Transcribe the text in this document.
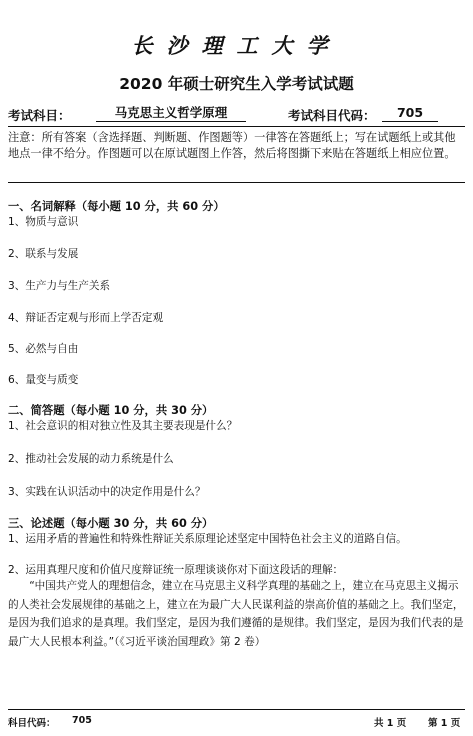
长沙理工大学
2020 年硕士研究生入学考试试题
考试科目：	马克思主义哲学原理	考试科目代码：	705
注意：所有答案（含选择题、判断题、作图题等）一律答在答题纸上；写在试题纸上或其他地点一律不给分。作图题可以在原试题图上作答，然后将图撕下来贴在答题纸上相应位置。
一、名词解释（每小题 10 分，共 60 分）
1、物质与意识
2、联系与发展
3、生产力与生产关系
4、辩证否定观与形而上学否定观
5、必然与自由
6、量变与质变
二、简答题（每小题 10 分，共 30 分）
1、社会意识的相对独立性及其主要表现是什么？
2、推动社会发展的动力系统是什么
3、实践在认识活动中的决定作用是什么？
三、论述题（每小题 30 分，共 60 分）
1、运用矛盾的普遍性和特殊性辩证关系原理论述坚定中国特色社会主义的道路自信。
2、运用真理尺度和价值尺度辩证统一原理谈谈你对下面这段话的理解：
“中国共产党人的理想信念，建立在马克思主义科学真理的基础之上，建立在马克思主义揭示的人类社会发展规律的基础之上，建立在为最广大人民谋利益的崇高价值的基础之上。我们坚定，是因为我们追求的是真理。我们坚定，是因为我们遵循的是规律。我们坚定，是因为我们代表的是最广大人民根本利益。”（《习近平谈治国理政》第 2 卷）
科目代码： 705	共 1 页 第 1 页
